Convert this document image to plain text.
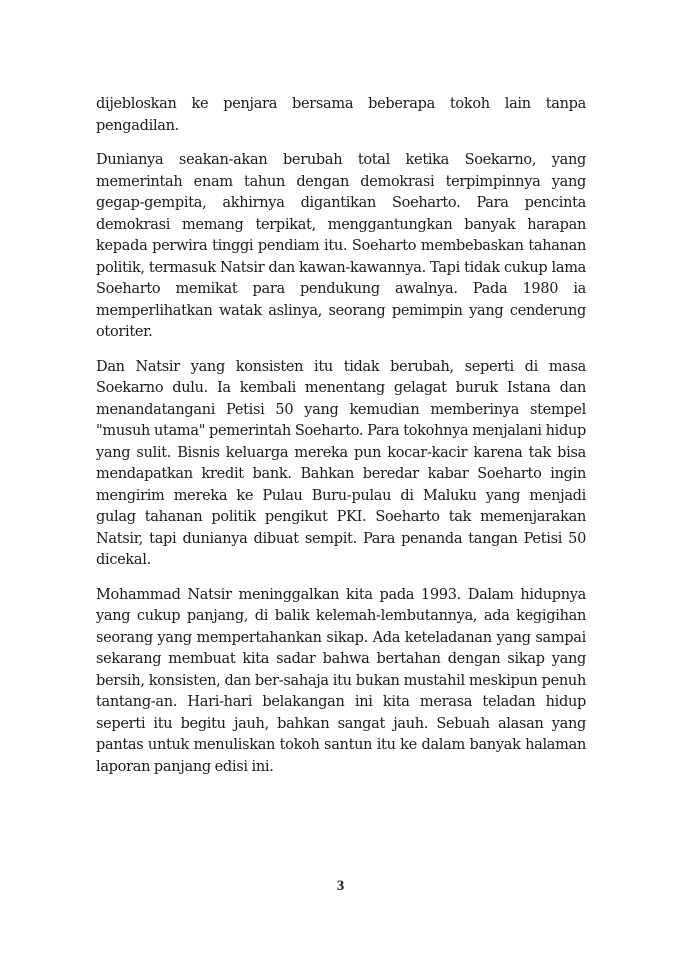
dijebloskan ke penjara bersama beberapa tokoh lain tanpa pengadilan.

Dunianya seakan-akan berubah total ketika Soekarno, yang memerintah enam tahun dengan demokrasi terpimpinnya yang gegap-gempita, akhirnya digantikan Soeharto. Para pencinta demokrasi memang terpikat, menggantungkan banyak harapan kepada perwira tinggi pendiam itu. Soeharto membebaskan tahanan politik, termasuk Natsir dan kawan-kawannya. Tapi tidak cukup lama Soeharto memikat para pendukung awalnya. Pada 1980 ia memperlihatkan watak aslinya, seorang pemimpin yang cenderung otoriter.

Dan Natsir yang konsisten itu tidak berubah, seperti di masa Soekarno dulu. Ia kembali menentang gelagat buruk Istana dan menandatangani Petisi 50 yang kemudian memberinya stempel "musuh utama" pemerintah Soeharto. Para tokohnya menjalani hidup yang sulit. Bisnis keluarga mereka pun kocar-kacir karena tak bisa mendapatkan kredit bank. Bahkan beredar kabar Soeharto ingin mengirim mereka ke Pulau Buru-pulau di Maluku yang menjadi gulag tahanan politik pengikut PKI. Soeharto tak memenjarakan Natsir, tapi dunianya dibuat sempit. Para penanda tangan Petisi 50 dicekal.

Mohammad Natsir meninggalkan kita pada 1993. Dalam hidupnya yang cukup panjang, di balik kelemah-lembutannya, ada kegigihan seorang yang mempertahankan sikap. Ada keteladanan yang sampai sekarang membuat kita sadar bahwa bertahan dengan sikap yang bersih, konsisten, dan ber-sahaja itu bukan mustahil meskipun penuh tantang-an. Hari-hari belakangan ini kita merasa teladan hidup seperti itu begitu jauh, bahkan sangat jauh. Sebuah alasan yang pantas untuk menuliskan tokoh santun itu ke dalam banyak halaman laporan panjang edisi ini.

3
